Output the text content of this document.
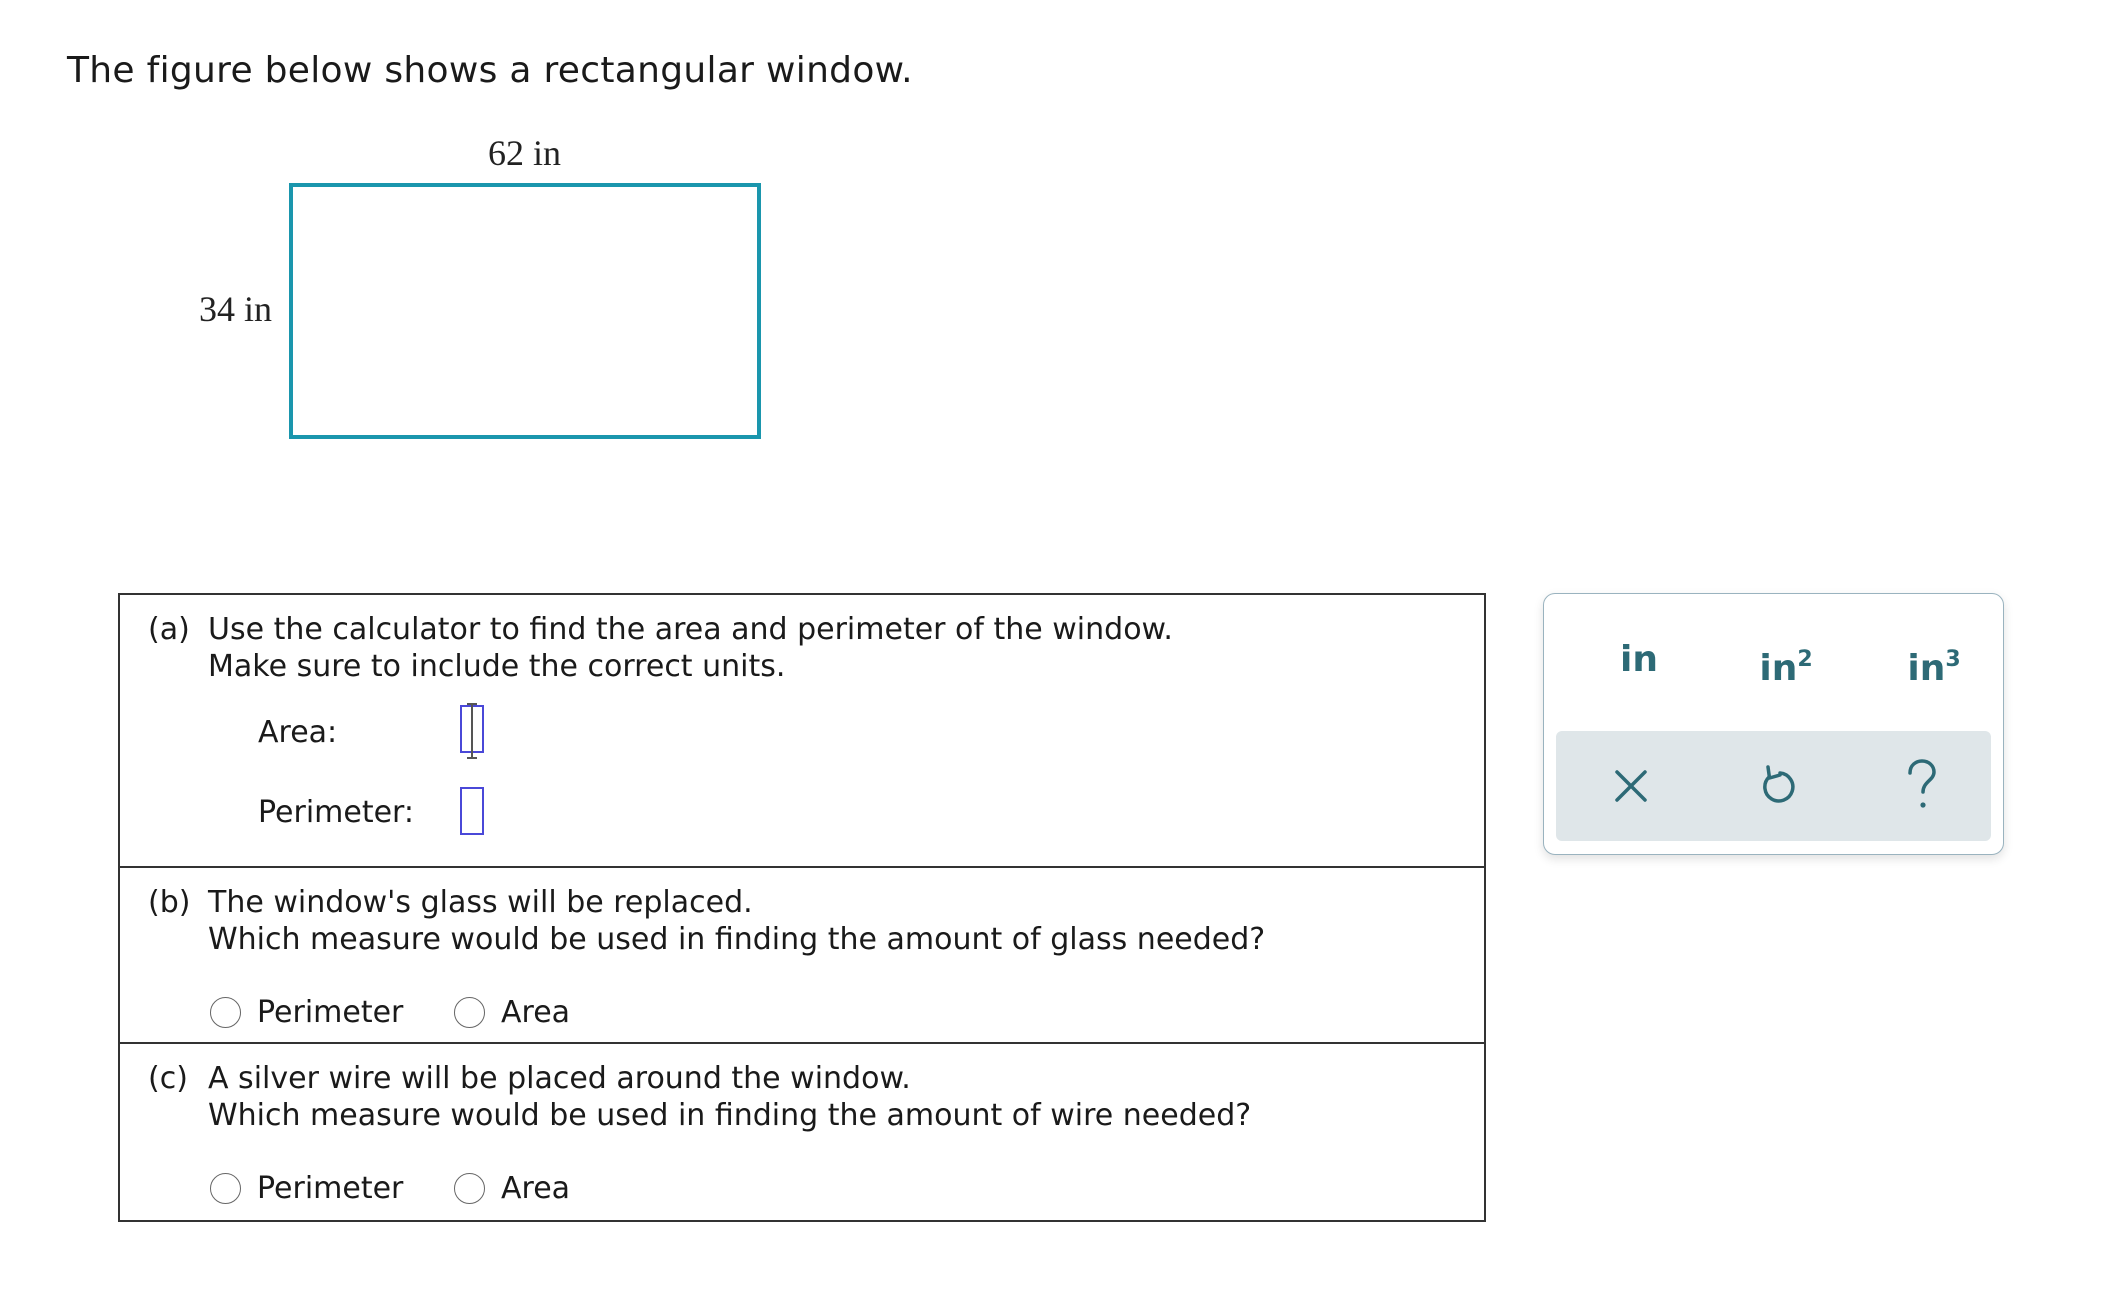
The figure below shows a rectangular window.
62 in
34 in
(a) Use the calculator to find the area and perimeter of the window.
Make sure to include the correct units.
Area:
Perimeter:
(b) The window's glass will be replaced.
Which measure would be used in finding the amount of glass needed?
Perimeter	Area
(c) A silver wire will be placed around the window.
Which measure would be used in finding the amount of wire needed?
Perimeter	Area
in	$in^2$	$in^3$
